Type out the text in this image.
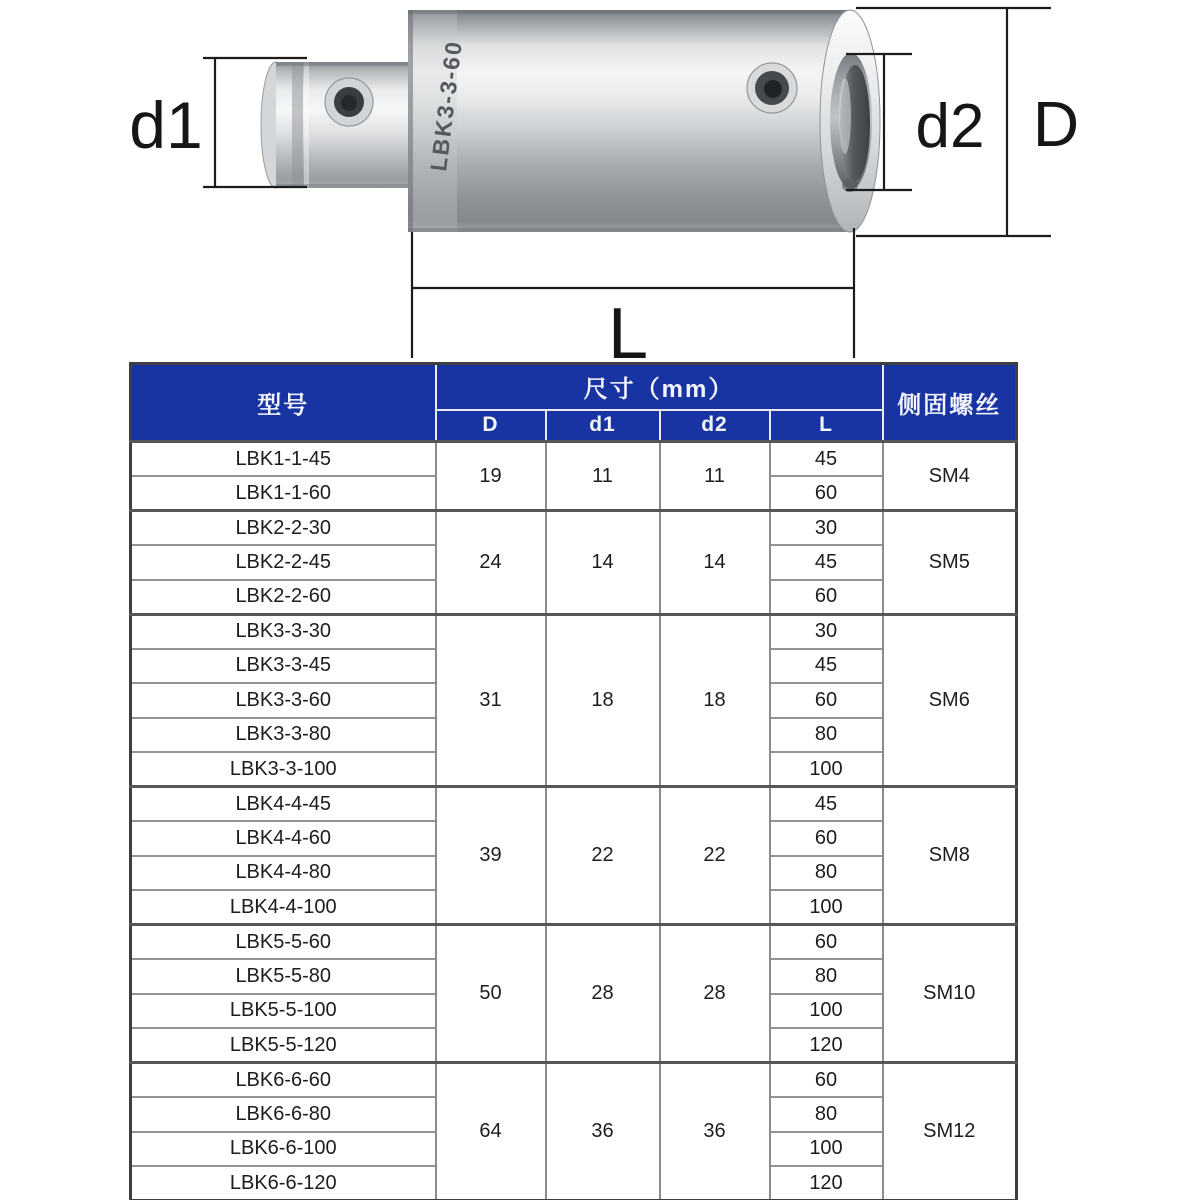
LBK3-3-60
d1	d2 D
L
型号	尺寸（mm）				侧固螺丝
	D	d1	d2	L	
LBK1-1-45	19	11	11	45	SM4
LBK1-1-60				60	
LBK2-2-30	24	14	14	30	SM5
LBK2-2-45				45	
LBK2-2-60				60	
LBK3-3-30	31	18	18	30	SM6
LBK3-3-45				45	
LBK3-3-60				60	
LBK3-3-80				80	
LBK3-3-100				100	
LBK4-4-45	39	22	22	45	SM8
LBK4-4-60				60	
LBK4-4-80				80	
LBK4-4-100				100	
LBK5-5-60	50	28	28	60	SM10
LBK5-5-80				80	
LBK5-5-100				100	
LBK5-5-120				120	
LBK6-6-60	64	36	36	60	SM12
LBK6-6-80				80	
LBK6-6-100				100	
LBK6-6-120				120	
